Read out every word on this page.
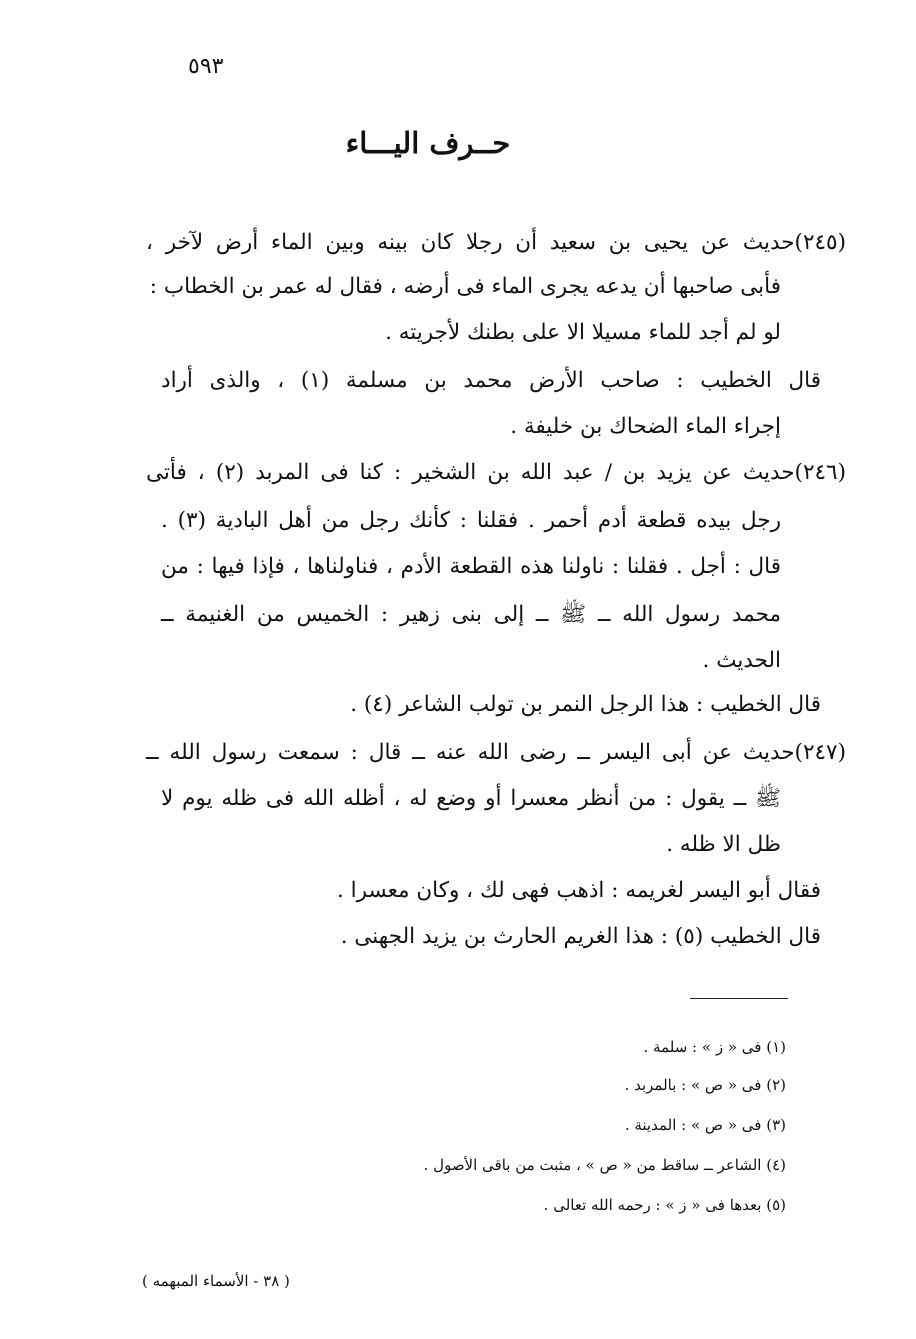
٥٩٣
حــرف اليـــاء
(٢٤٥)حديث عن يحيى بن سعيد أن رجلا كان بينه وبين الماء أرض لآخر ،
فأبى صاحبها أن يدعه يجرى الماء فى أرضه ، فقال له عمر بن الخطاب :
لو لم أجد للماء مسيلا الا على بطنك لأجريته .
قال الخطيب : صاحب الأرض محمد بن مسلمة (١) ، والذى أراد
إجراء الماء الضحاك بن خليفة .
(٢٤٦)حديث عن يزيد بن / عبد الله بن الشخير : كنا فى المربد (٢) ، فأتى
رجل بيده قطعة أدم أحمر . فقلنا : كأنك رجل من أهل البادية (٣) .
قال : أجل . فقلنا : ناولنا هذه القطعة الأدم ، فناولناها ، فإذا فيها : من
محمد رسول الله ــ ﷺ ــ إلى بنى زهير : الخميس من الغنيمة ــ
الحديث .
قال الخطيب : هذا الرجل النمر بن تولب الشاعر (٤) .
(٢٤٧)حديث عن أبى اليسر ــ رضى الله عنه ــ قال : سمعت رسول الله ــ
ﷺ ــ يقول : من أنظر معسرا أو وضع له ، أظله الله فى ظله يوم لا
ظل الا ظله .
فقال أبو اليسر لغريمه : اذهب فهى لك ، وكان معسرا .
قال الخطيب (٥) : هذا الغريم الحارث بن يزيد الجهنى .
(١) فى « ز » : سلمة .
(٢) فى « ص » : بالمربد .
(٣) فى « ص » : المدينة .
(٤) الشاعر ــ ساقط من « ص » ، مثبت من باقى الأصول .
(٥) بعدها فى « ز » : رحمه الله تعالى .
( ٣٨ - الأسماء المبهمه )
